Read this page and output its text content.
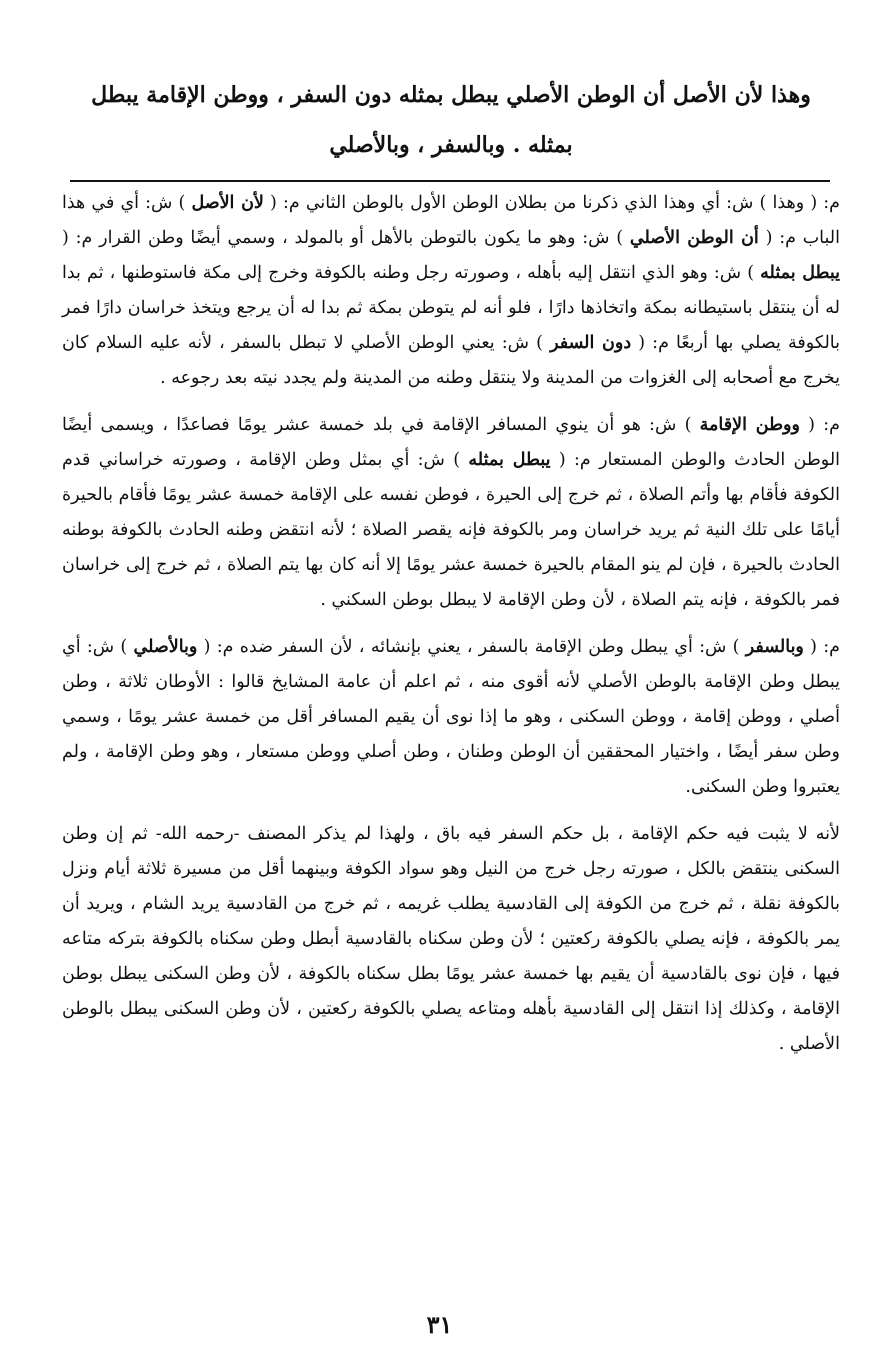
وهذا لأن الأصل أن الوطن الأصلي يبطل بمثله دون السفر ، ووطن الإقامة يبطل بمثله . وبالسفر ، وبالأصلي

م: ( وهذا ) ش: أي وهذا الذي ذكرنا من بطلان الوطن الأول بالوطن الثاني م: ( لأن الأصل ) ش: أي في هذا الباب م: ( أن الوطن الأصلي ) ش: وهو ما يكون بالتوطن بالأهل أو بالمولد ، وسمي أيضًا وطن القرار م: ( يبطل بمثله ) ش: وهو الذي انتقل إليه بأهله ، وصورته رجل وطنه بالكوفة وخرج إلى مكة فاستوطنها ، ثم بدا له أن ينتقل باستيطانه بمكة واتخاذها دارًا ، فلو أنه لم يتوطن بمكة ثم بدا له أن يرجع ويتخذ خراسان دارًا فمر بالكوفة يصلي بها أربعًا م: ( دون السفر ) ش: يعني الوطن الأصلي لا تبطل بالسفر ، لأنه عليه السلام كان يخرج مع أصحابه إلى الغزوات من المدينة ولا ينتقل وطنه من المدينة ولم يجدد نيته بعد رجوعه .

م: ( ووطن الإقامة ) ش: هو أن ينوي المسافر الإقامة في بلد خمسة عشر يومًا فصاعدًا ، ويسمى أيضًا الوطن الحادث والوطن المستعار م: ( يبطل بمثله ) ش: أي بمثل وطن الإقامة ، وصورته خراساني قدم الكوفة فأقام بها وأتم الصلاة ، ثم خرج إلى الحيرة ، فوطن نفسه على الإقامة خمسة عشر يومًا فأقام بالحيرة أيامًا على تلك النية ثم يريد خراسان ومر بالكوفة فإنه يقصر الصلاة ؛ لأنه انتقض وطنه الحادث بالكوفة بوطنه الحادث بالحيرة ، فإن لم ينو المقام بالحيرة خمسة عشر يومًا إلا أنه كان بها يتم الصلاة ، ثم خرج إلى خراسان فمر بالكوفة ، فإنه يتم الصلاة ، لأن وطن الإقامة لا يبطل بوطن السكني .

م: ( وبالسفر ) ش: أي يبطل وطن الإقامة بالسفر ، يعني بإنشائه ، لأن السفر ضده م: ( وبالأصلي ) ش: أي يبطل وطن الإقامة بالوطن الأصلي لأنه أقوى منه ، ثم اعلم أن عامة المشايخ قالوا : الأوطان ثلاثة ، وطن أصلي ، ووطن إقامة ، ووطن السكنى ، وهو ما إذا نوى أن يقيم المسافر أقل من خمسة عشر يومًا ، وسمي وطن سفر أيضًا ، واختيار المحققين أن الوطن وطنان ، وطن أصلي ووطن مستعار ، وهو وطن الإقامة ، ولم يعتبروا وطن السكنى.

لأنه لا يثبت فيه حكم الإقامة ، بل حكم السفر فيه باق ، ولهذا لم يذكر المصنف -رحمه الله- ثم إن وطن السكنى ينتقض بالكل ، صورته رجل خرج من النيل وهو سواد الكوفة وبينهما أقل من مسيرة ثلاثة أيام ونزل بالكوفة نقلة ، ثم خرج من الكوفة إلى القادسية يطلب غريمه ، ثم خرج من القادسية يريد الشام ، ويريد أن يمر بالكوفة ، فإنه يصلي بالكوفة ركعتين ؛ لأن وطن سكناه بالقادسية أبطل وطن سكناه بالكوفة بتركه متاعه فيها ، فإن نوى بالقادسية أن يقيم بها خمسة عشر يومًا بطل سكناه بالكوفة ، لأن وطن السكنى يبطل بوطن الإقامة ، وكذلك إذا انتقل إلى القادسية بأهله ومتاعه يصلي بالكوفة ركعتين ، لأن وطن السكنى يبطل بالوطن الأصلي .

٣١
